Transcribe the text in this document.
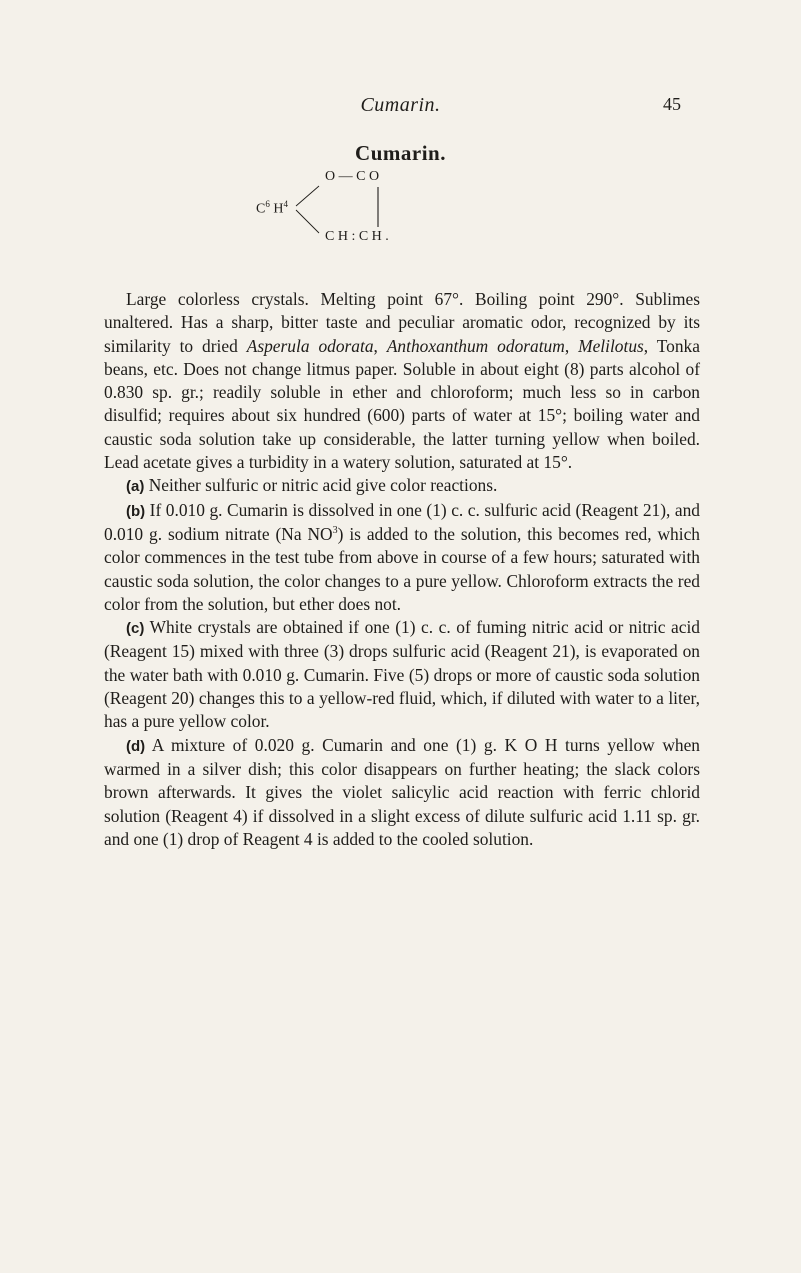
Cumarin.	45
Cumarin.
$C^6$ $H^4$
O — C O
C H : C H .

Large colorless crystals. Melting point 67°. Boiling point 290°. Sublimes unaltered. Has a sharp, bitter taste and peculiar aromatic odor, recognized by its similarity to dried Asperula odorata, Anthoxanthum odoratum, Melilotus, Tonka beans, etc. Does not change litmus paper. Soluble in about eight (8) parts alcohol of 0.830 sp. gr.; readily soluble in ether and chloroform; much less so in carbon disulfid; requires about six hundred (600) parts of water at 15°; boiling water and caustic soda solution take up considerable, the latter turning yellow when boiled. Lead acetate gives a turbidity in a watery solution, saturated at 15°.

(a) Neither sulfuric or nitric acid give color reactions.

(b) If 0.010 g. Cumarin is dissolved in one (1) c. c. sulfuric acid (Reagent 21), and 0.010 g. sodium nitrate (Na $NO^3$) is added to the solution, this becomes red, which color commences in the test tube from above in course of a few hours; saturated with caustic soda solution, the color changes to a pure yellow. Chloroform extracts the red color from the solution, but ether does not.

(c) White crystals are obtained if one (1) c. c. of fuming nitric acid or nitric acid (Reagent 15) mixed with three (3) drops sulfuric acid (Reagent 21), is evaporated on the water bath with 0.010 g. Cumarin. Five (5) drops or more of caustic soda solution (Reagent 20) changes this to a yellow-red fluid, which, if diluted with water to a liter, has a pure yellow color.

(d) A mixture of 0.020 g. Cumarin and one (1) g. K O H turns yellow when warmed in a silver dish; this color disappears on further heating; the slack colors brown afterwards. It gives the violet salicylic acid reaction with ferric chlorid solution (Reagent 4) if dissolved in a slight excess of dilute sulfuric acid 1.11 sp. gr. and one (1) drop of Reagent 4 is added to the cooled solution.
